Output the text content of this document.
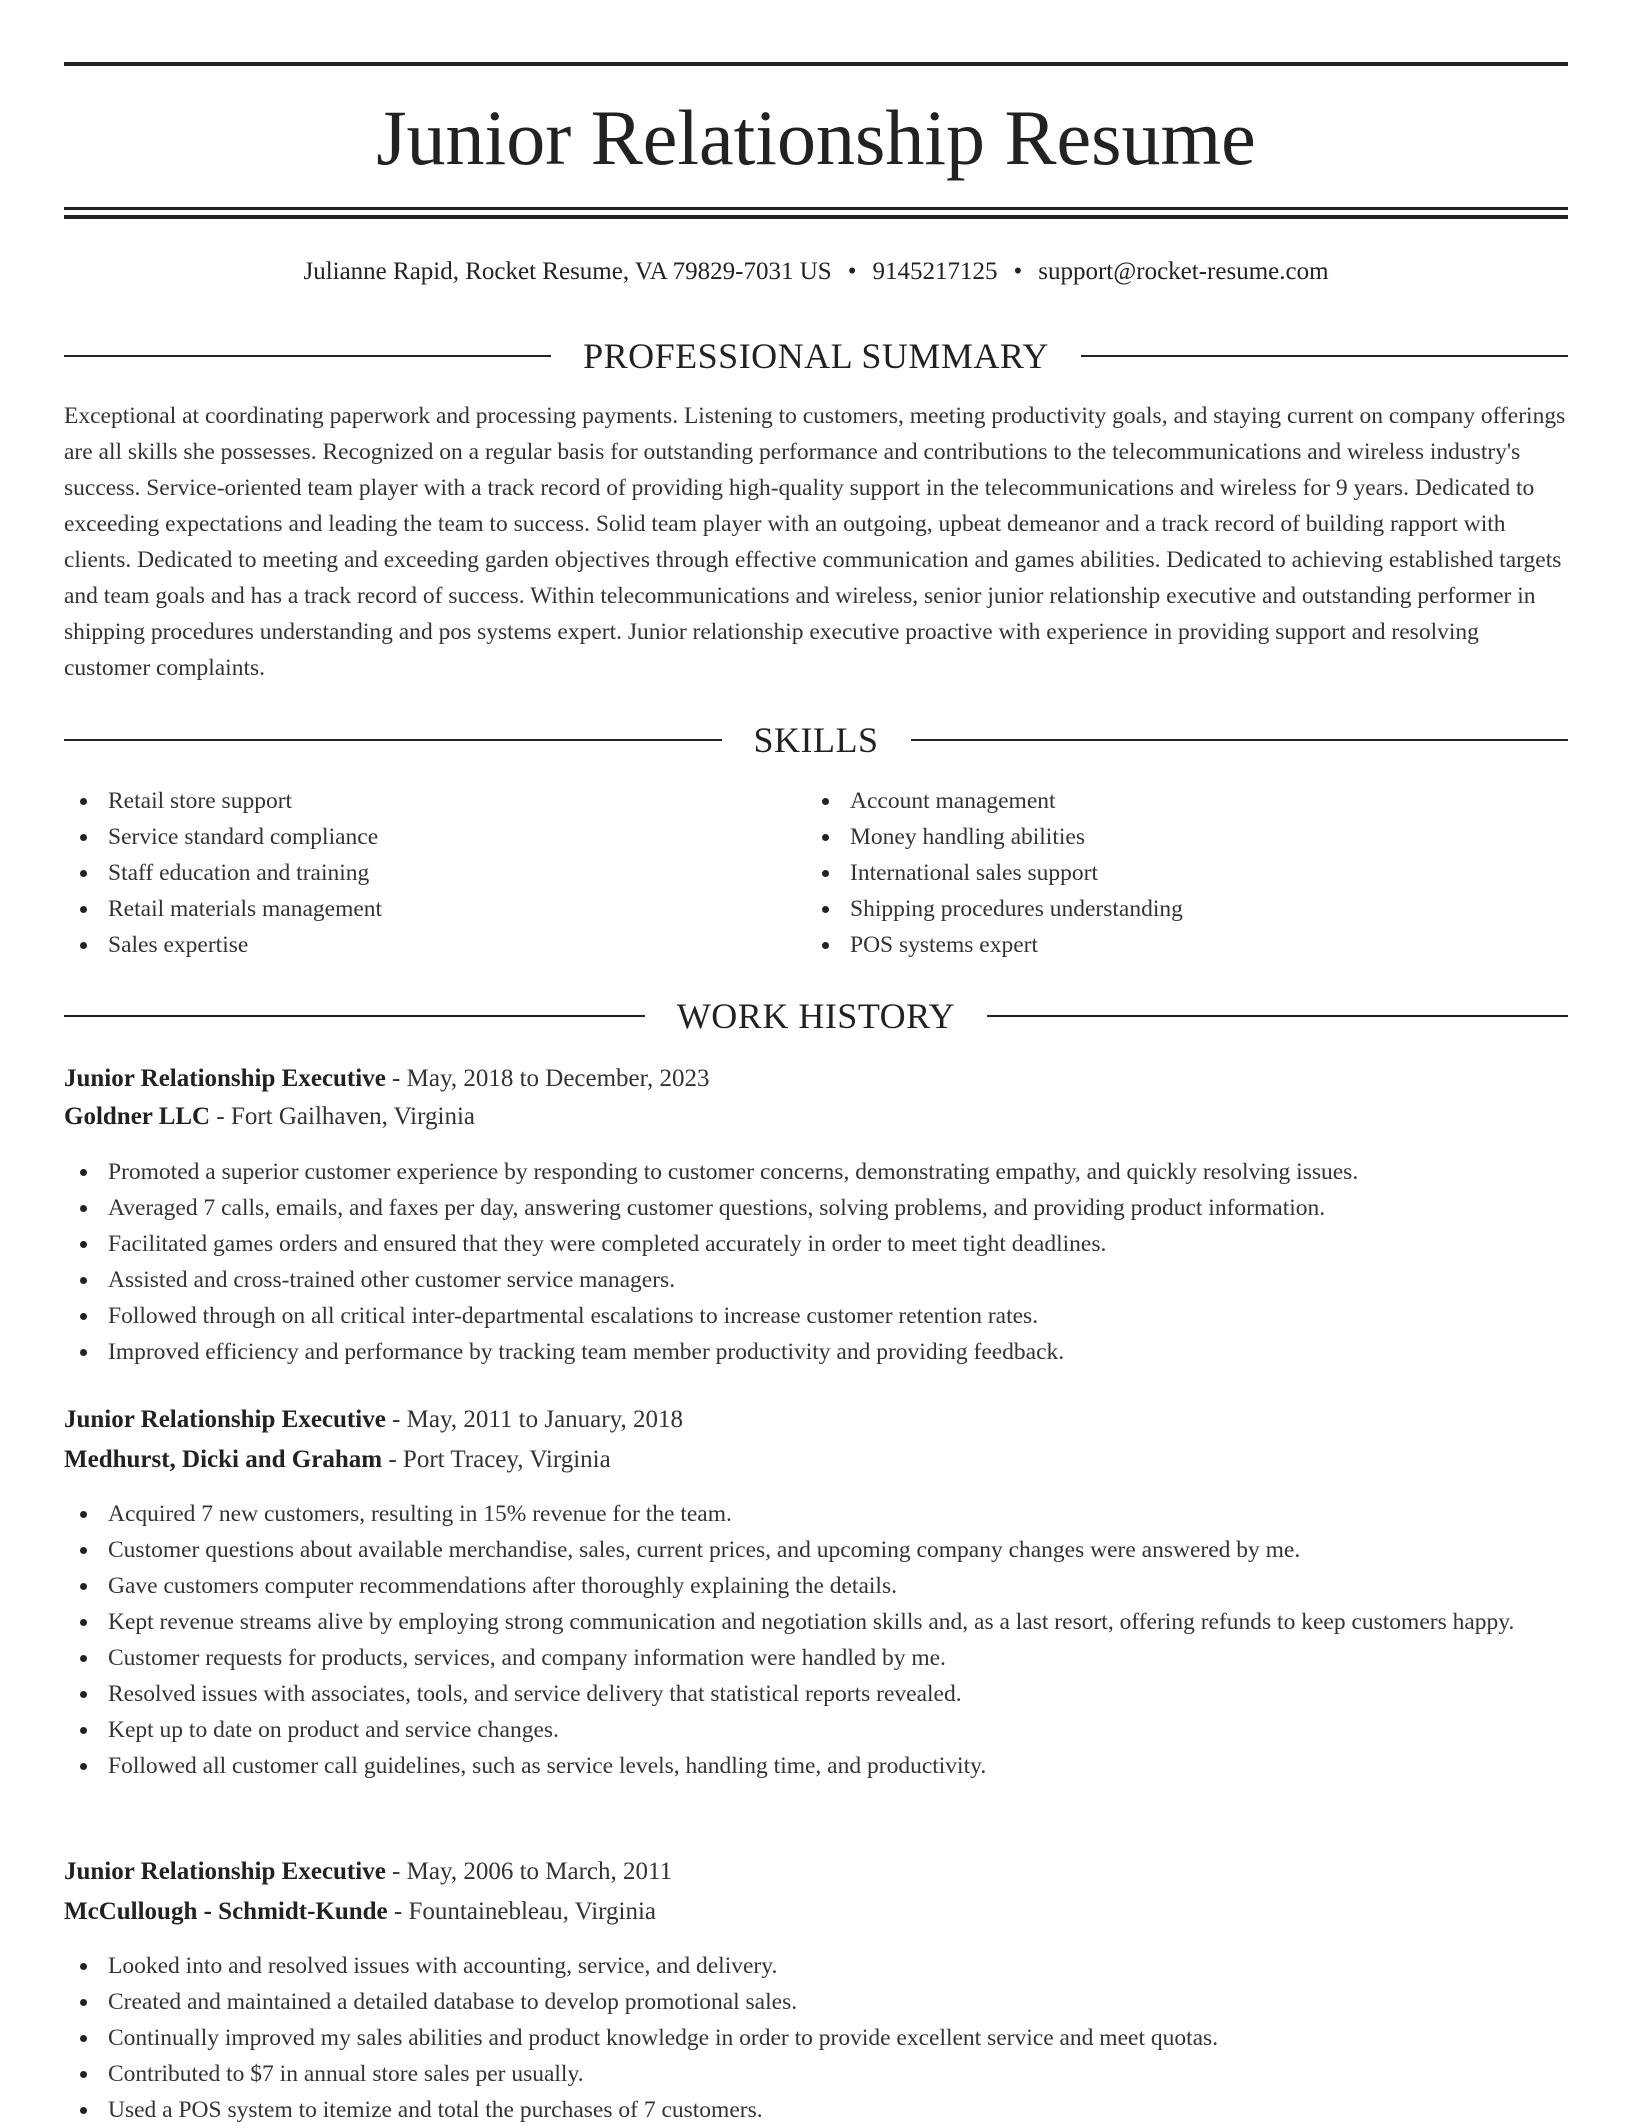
Junior Relationship Resume
Julianne Rapid, Rocket Resume, VA 79829-7031 US • 9145217125 • support@rocket-resume.com
PROFESSIONAL SUMMARY

Exceptional at coordinating paperwork and processing payments. Listening to customers, meeting productivity goals, and staying current on company offerings are all skills she possesses. Recognized on a regular basis for outstanding performance and contributions to the telecommunications and wireless industry's success. Service-oriented team player with a track record of providing high-quality support in the telecommunications and wireless for 9 years. Dedicated to exceeding expectations and leading the team to success. Solid team player with an outgoing, upbeat demeanor and a track record of building rapport with clients. Dedicated to meeting and exceeding garden objectives through effective communication and games abilities. Dedicated to achieving established targets and team goals and has a track record of success. Within telecommunications and wireless, senior junior relationship executive and outstanding performer in shipping procedures understanding and pos systems expert. Junior relationship executive proactive with experience in providing support and resolving customer complaints.

SKILLS
Retail store support
Service standard compliance
Staff education and training
Retail materials management
Sales expertise
Account management
Money handling abilities
International sales support
Shipping procedures understanding
POS systems expert
WORK HISTORY
Junior Relationship Executive - May, 2018 to December, 2023
Goldner LLC - Fort Gailhaven, Virginia
Promoted a superior customer experience by responding to customer concerns, demonstrating empathy, and quickly resolving issues.
Averaged 7 calls, emails, and faxes per day, answering customer questions, solving problems, and providing product information.
Facilitated games orders and ensured that they were completed accurately in order to meet tight deadlines.
Assisted and cross-trained other customer service managers.
Followed through on all critical inter-departmental escalations to increase customer retention rates.
Improved efficiency and performance by tracking team member productivity and providing feedback.
Junior Relationship Executive - May, 2011 to January, 2018
Medhurst, Dicki and Graham - Port Tracey, Virginia
Acquired 7 new customers, resulting in 15% revenue for the team.
Customer questions about available merchandise, sales, current prices, and upcoming company changes were answered by me.
Gave customers computer recommendations after thoroughly explaining the details.
Kept revenue streams alive by employing strong communication and negotiation skills and, as a last resort, offering refunds to keep customers happy.
Customer requests for products, services, and company information were handled by me.
Resolved issues with associates, tools, and service delivery that statistical reports revealed.
Kept up to date on product and service changes.
Followed all customer call guidelines, such as service levels, handling time, and productivity.
Junior Relationship Executive - May, 2006 to March, 2011
McCullough - Schmidt-Kunde - Fountainebleau, Virginia
Looked into and resolved issues with accounting, service, and delivery.
Created and maintained a detailed database to develop promotional sales.
Continually improved my sales abilities and product knowledge in order to provide excellent service and meet quotas.
Contributed to $7 in annual store sales per usually.
Used a POS system to itemize and total the purchases of 7 customers.
